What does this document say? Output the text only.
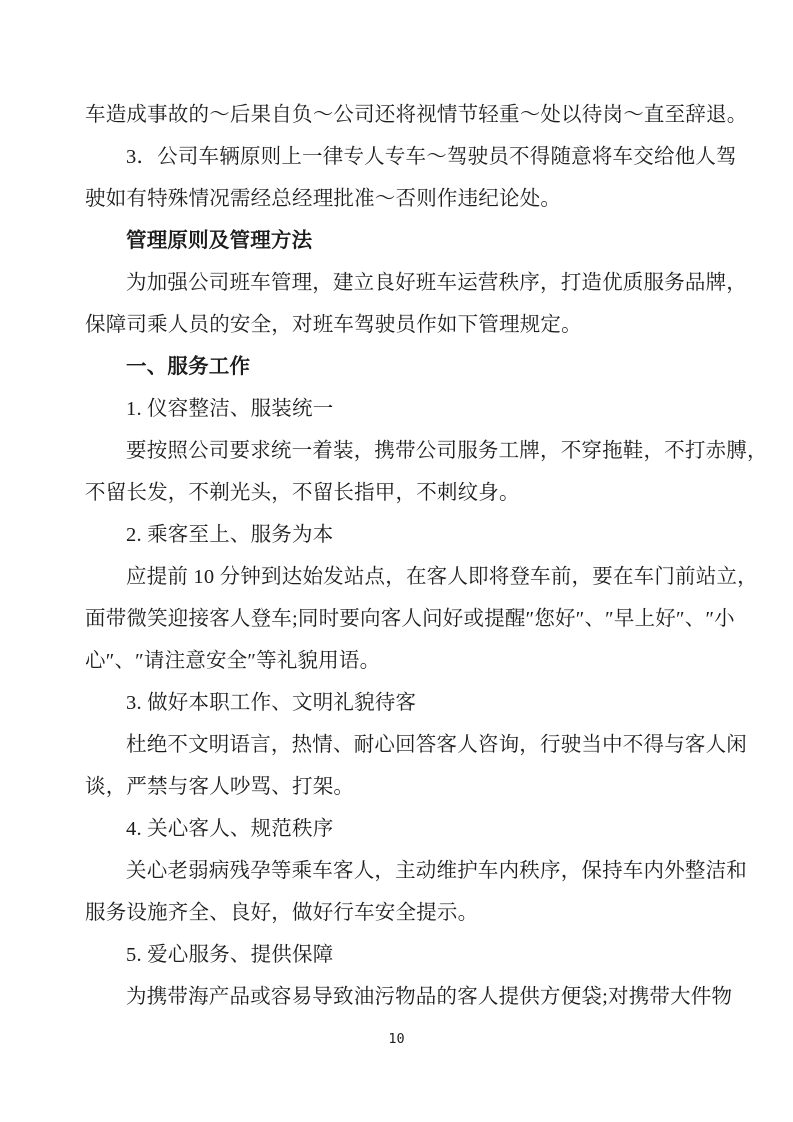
车造成事故的～后果自负～公司还将视情节轻重～处以待岗～直至辞退。
3．公司车辆原则上一律专人专车～驾驶员不得随意将车交给他人驾
驶如有特殊情况需经总经理批准～否则作违纪论处。
管理原则及管理方法
为加强公司班车管理，建立良好班车运营秩序，打造优质服务品牌，
保障司乘人员的安全，对班车驾驶员作如下管理规定。
一、服务工作
1. 仪容整洁、服装统一
要按照公司要求统一着装，携带公司服务工牌，不穿拖鞋，不打赤膊，
不留长发，不剃光头，不留长指甲，不刺纹身。
2. 乘客至上、服务为本
应提前 10 分钟到达始发站点，在客人即将登车前，要在车门前站立，
面带微笑迎接客人登车;同时要向客人问好或提醒″您好″、″早上好″、″小
心″、″请注意安全″等礼貌用语。
3. 做好本职工作、文明礼貌待客
杜绝不文明语言，热情、耐心回答客人咨询，行驶当中不得与客人闲
谈，严禁与客人吵骂、打架。
4. 关心客人、规范秩序
关心老弱病残孕等乘车客人，主动维护车内秩序，保持车内外整洁和
服务设施齐全、良好，做好行车安全提示。
5. 爱心服务、提供保障
为携带海产品或容易导致油污物品的客人提供方便袋;对携带大件物
10
